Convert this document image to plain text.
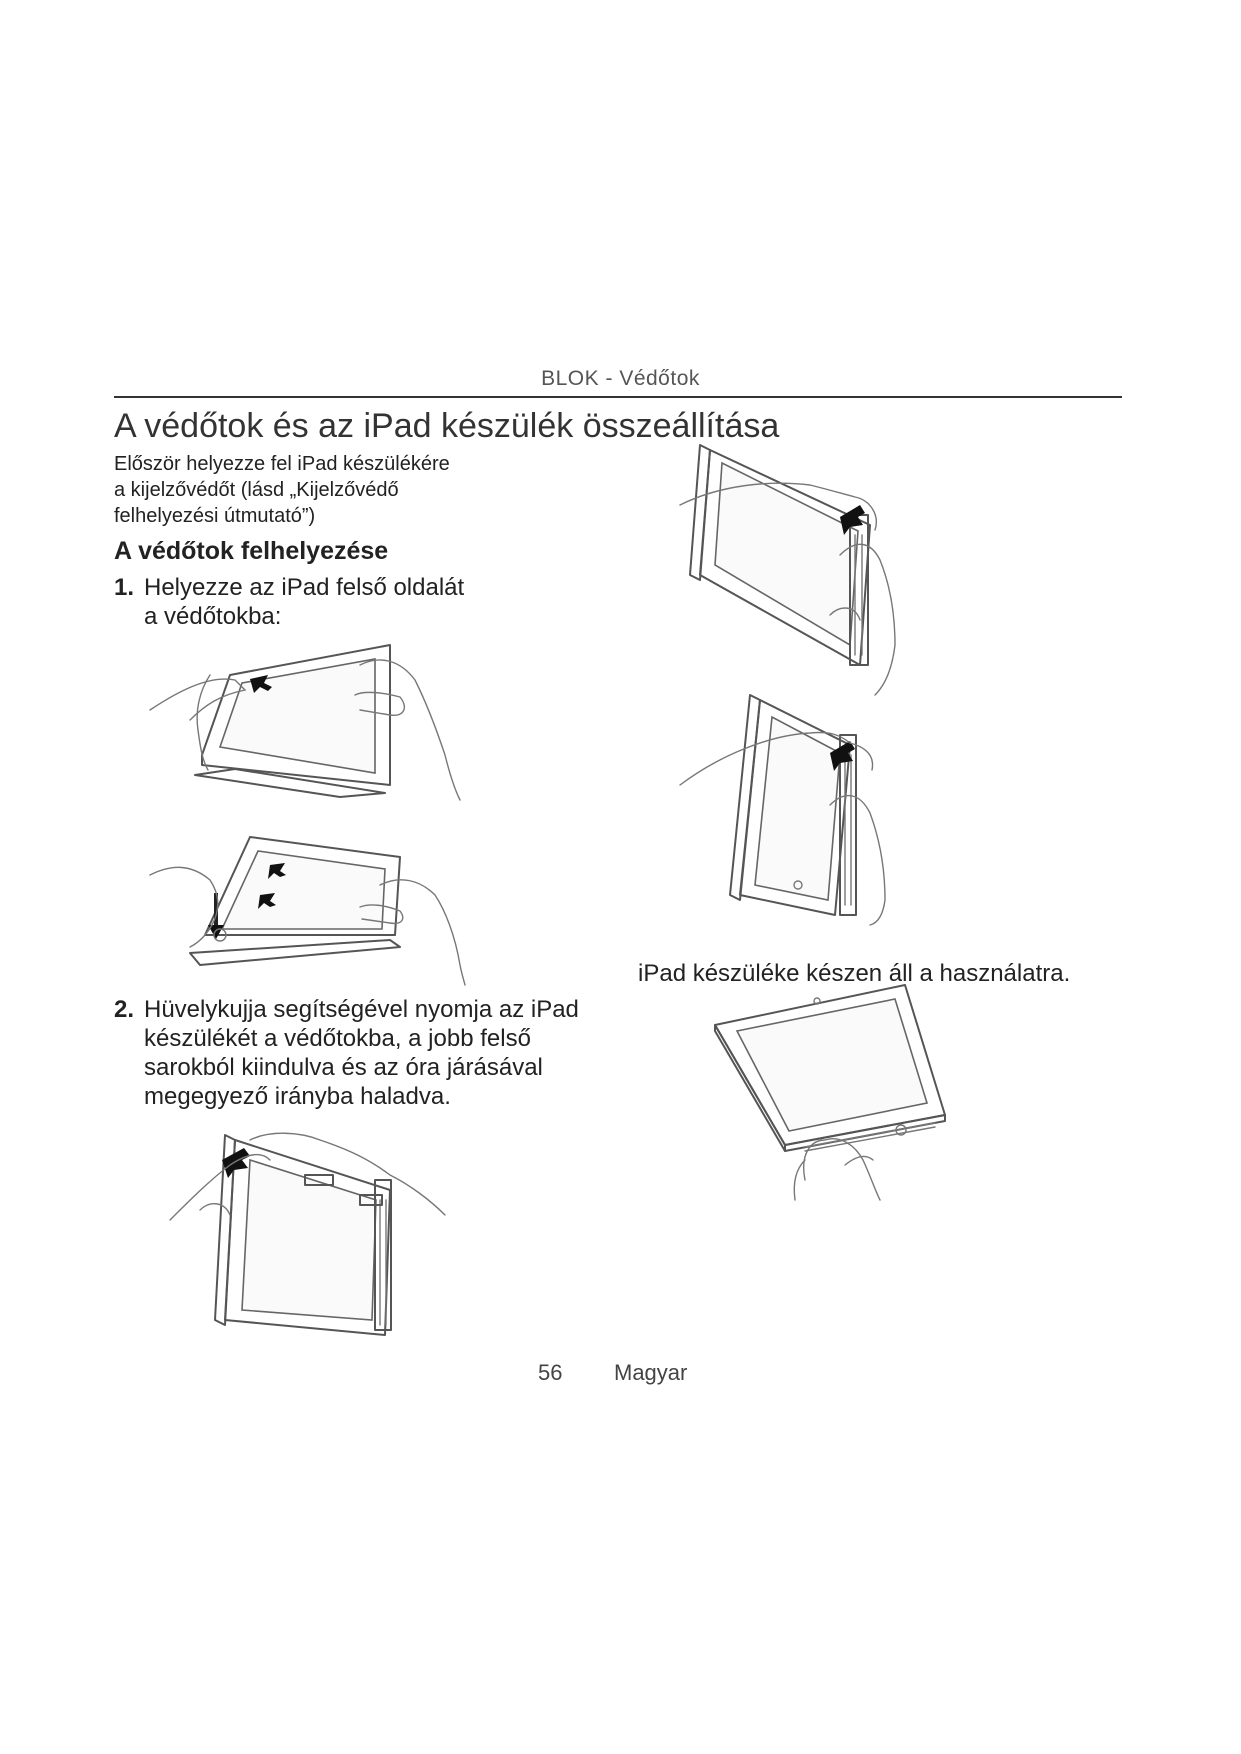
BLOK - Védőtok
A védőtok és az iPad készülék összeállítása
Először helyezze fel iPad készülékére
a kijelzővédőt (lásd „Kijelzővédő
felhelyezési útmutató”)
A védőtok felhelyezése
1. Helyezze az iPad felső oldalát
a védőtokba:
2. Hüvelykujja segítségével nyomja az iPad
készülékét a védőtokba, a jobb felső
sarokból kiindulva és az óra járásával
megegyező irányba haladva.
iPad készüléke készen áll a használatra.
56 Magyar
